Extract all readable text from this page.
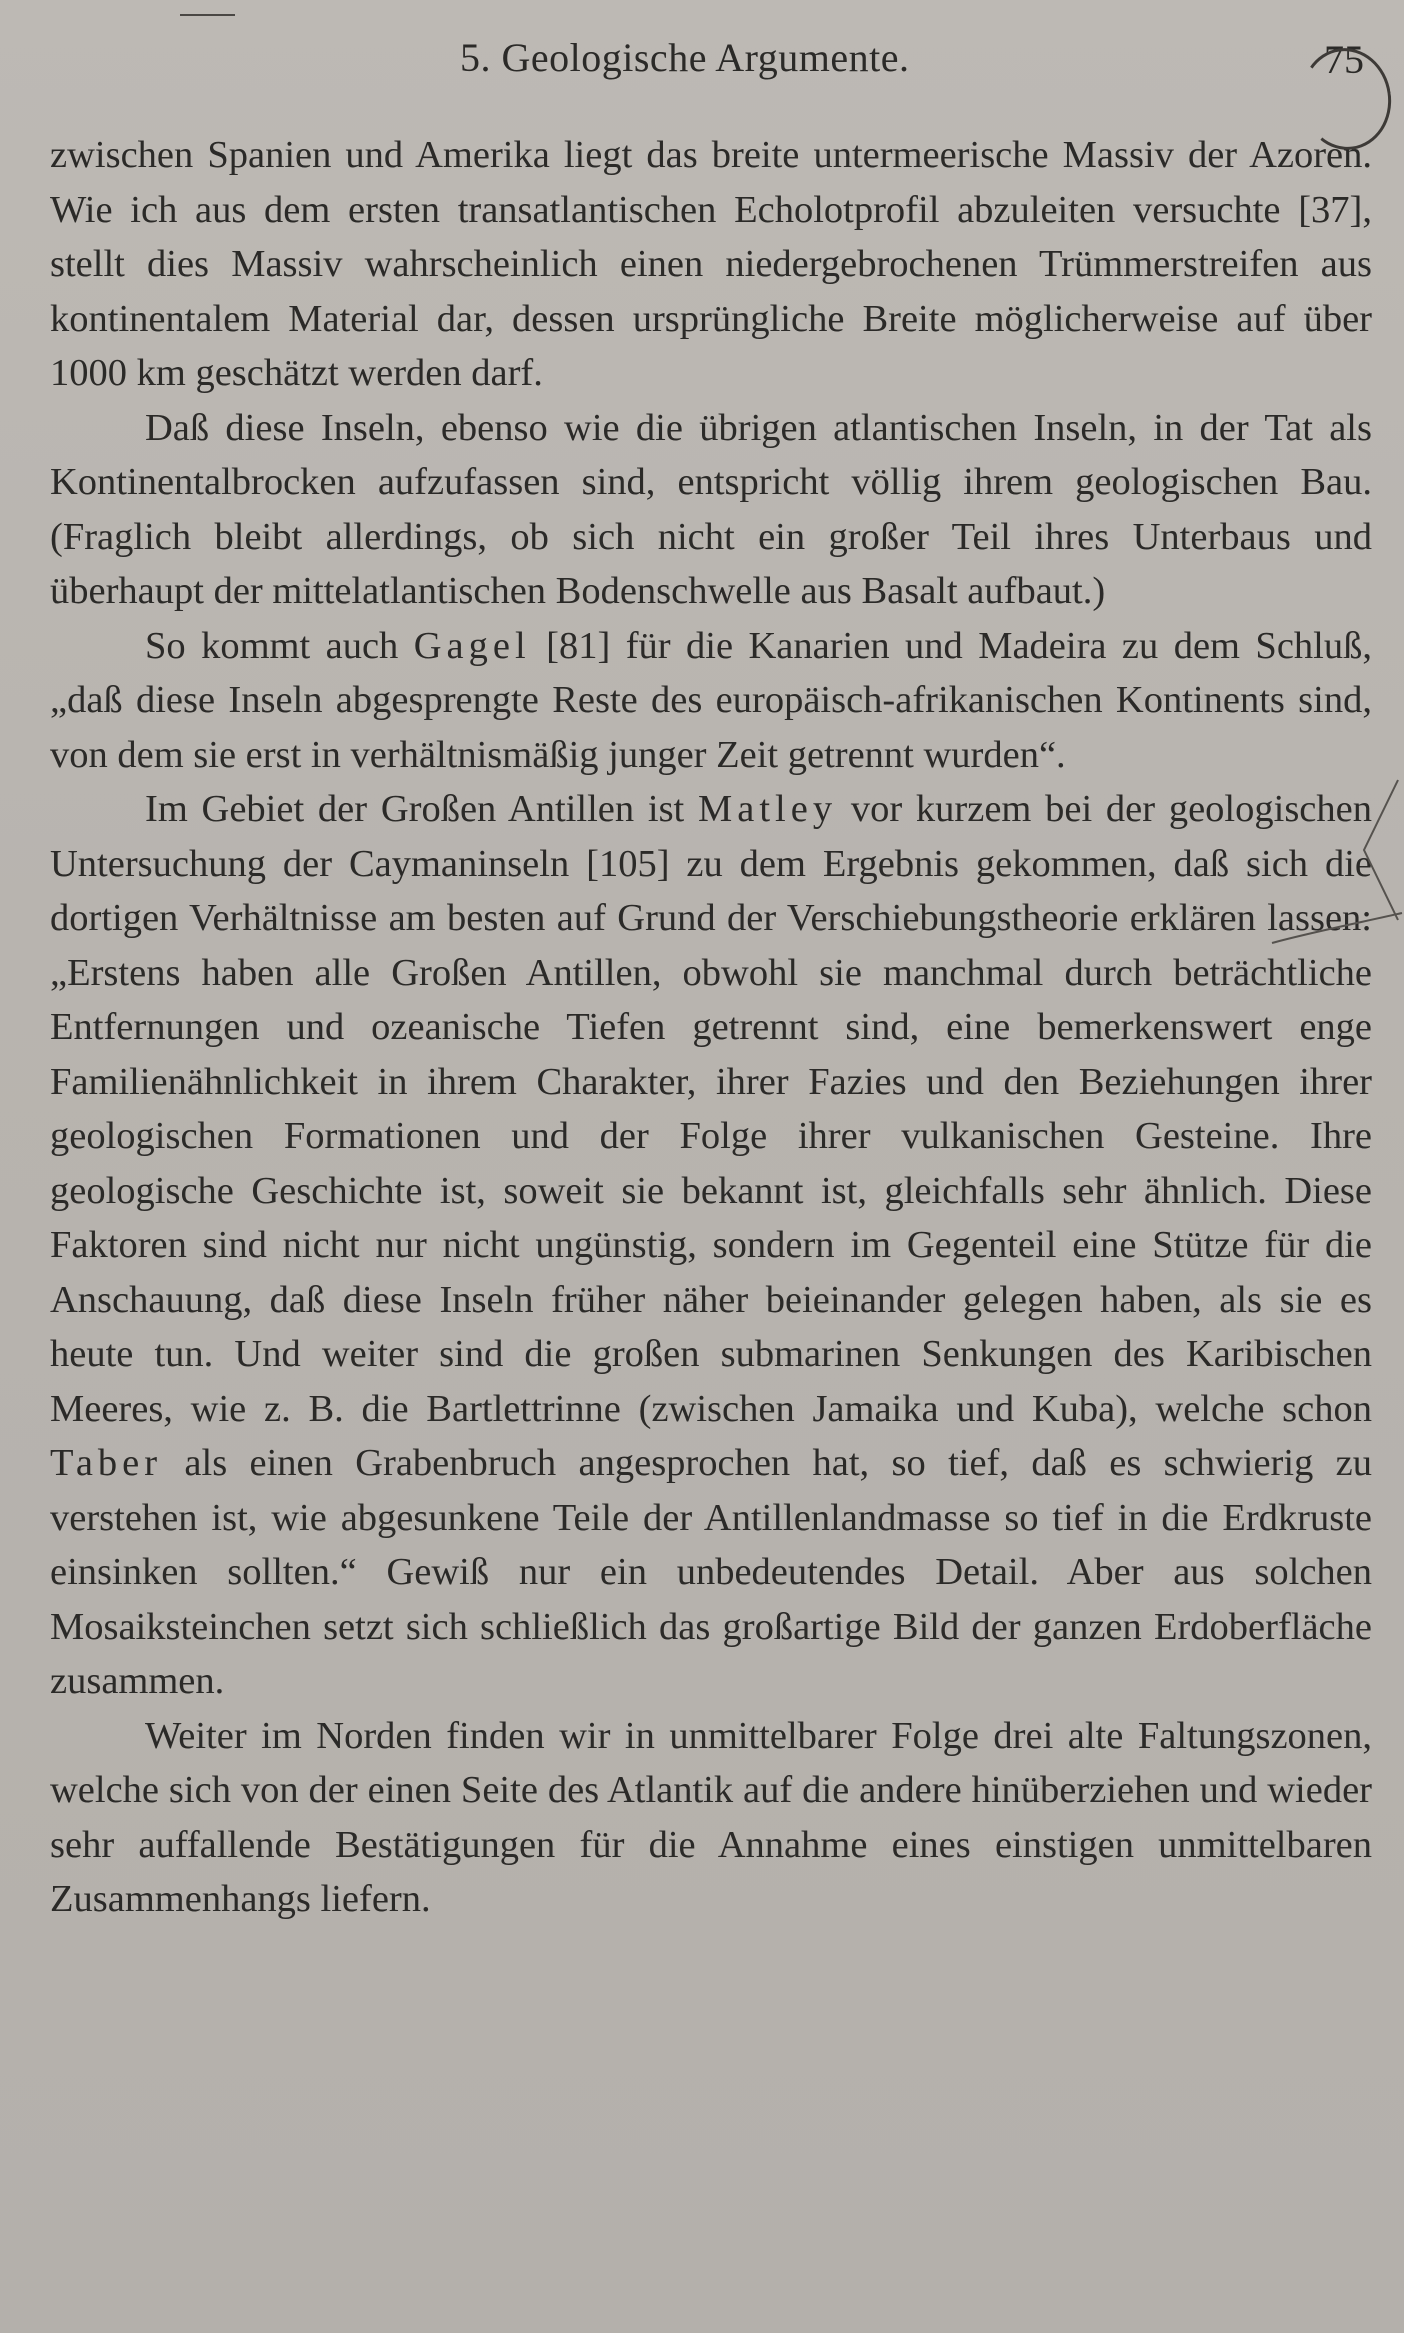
5. Geologische Argumente.	75

zwischen Spanien und Amerika liegt das breite untermeerische Massiv der Azoren. Wie ich aus dem ersten transatlantischen Echolotprofil abzuleiten versuchte [37], stellt dies Massiv wahrscheinlich einen niedergebrochenen Trümmerstreifen aus kontinentalem Material dar, dessen ursprüngliche Breite möglicherweise auf über 1000 km geschätzt werden darf.

Daß diese Inseln, ebenso wie die übrigen atlantischen Inseln, in der Tat als Kontinentalbrocken aufzufassen sind, entspricht völlig ihrem geologischen Bau. (Fraglich bleibt allerdings, ob sich nicht ein großer Teil ihres Unterbaus und überhaupt der mittelatlantischen Bodenschwelle aus Basalt aufbaut.)

So kommt auch Gagel [81] für die Kanarien und Madeira zu dem Schluß, „daß diese Inseln abgesprengte Reste des europäisch-afrikanischen Kontinents sind, von dem sie erst in verhältnismäßig junger Zeit getrennt wurden“.

Im Gebiet der Großen Antillen ist Matley vor kurzem bei der geologischen Untersuchung der Caymaninseln [105] zu dem Ergebnis gekommen, daß sich die dortigen Verhältnisse am besten auf Grund der Verschiebungstheorie erklären lassen: „Erstens haben alle Großen Antillen, obwohl sie manchmal durch beträchtliche Entfernungen und ozeanische Tiefen getrennt sind, eine bemerkenswert enge Familienähnlichkeit in ihrem Charakter, ihrer Fazies und den Beziehungen ihrer geologischen Formationen und der Folge ihrer vulkanischen Gesteine. Ihre geologische Geschichte ist, soweit sie bekannt ist, gleichfalls sehr ähnlich. Diese Faktoren sind nicht nur nicht ungünstig, sondern im Gegenteil eine Stütze für die Anschauung, daß diese Inseln früher näher beieinander gelegen haben, als sie es heute tun. Und weiter sind die großen submarinen Senkungen des Karibischen Meeres, wie z. B. die Bartlettrinne (zwischen Jamaika und Kuba), welche schon Taber als einen Grabenbruch angesprochen hat, so tief, daß es schwierig zu verstehen ist, wie abgesunkene Teile der Antillenlandmasse so tief in die Erdkruste einsinken sollten.“ Gewiß nur ein unbedeutendes Detail. Aber aus solchen Mosaiksteinchen setzt sich schließlich das großartige Bild der ganzen Erdoberfläche zusammen.

Weiter im Norden finden wir in unmittelbarer Folge drei alte Faltungszonen, welche sich von der einen Seite des Atlantik auf die andere hinüberziehen und wieder sehr auffallende Bestätigungen für die Annahme eines einstigen unmittelbaren Zusammenhangs liefern.
